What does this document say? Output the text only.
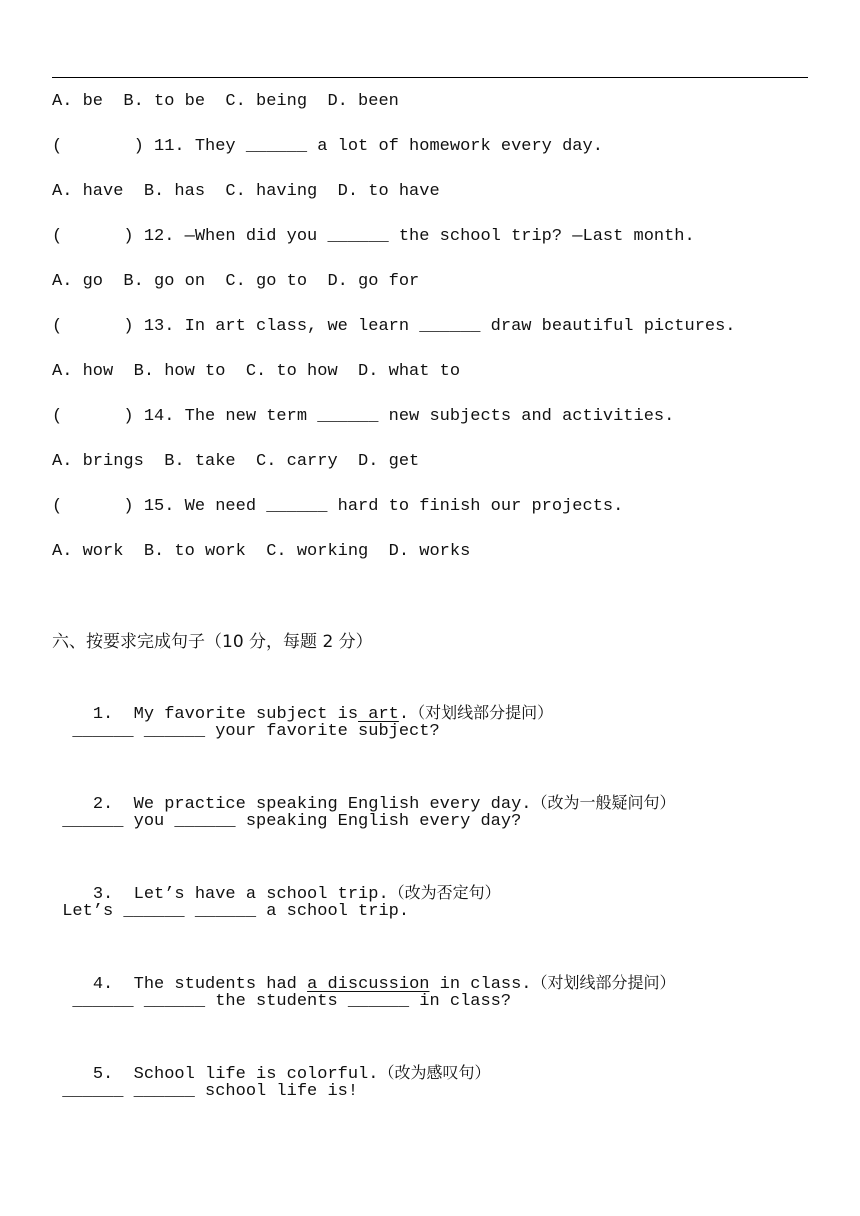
A. be  B. to be  C. being  D. been
(       ) 11. They ______ a lot of homework every day.
A. have  B. has  C. having  D. to have
(      ) 12. —When did you ______ the school trip? —Last month.
A. go  B. go on  C. go to  D. go for
(      ) 13. In art class, we learn ______ draw beautiful pictures.
A. how  B. how to  C. to how  D. what to
(      ) 14. The new term ______ new subjects and activities.
A. brings  B. take  C. carry  D. get
(      ) 15. We need ______ hard to finish our projects.
A. work  B. to work  C. working  D. works
六、按要求完成句子（10 分，每题 2 分）

1.  My favorite subject is art.（对划线部分提问）

______ ______ your favorite subject?

2.  We practice speaking English every day.（改为一般疑问句）

______ you ______ speaking English every day?

3.  Let’s have a school trip.（改为否定句）

Let’s ______ ______ a school trip.

4.  The students had a discussion in class.（对划线部分提问）

______ ______ the students ______ in class?

5.  School life is colorful.（改为感叹句）

______ ______ school life is!
